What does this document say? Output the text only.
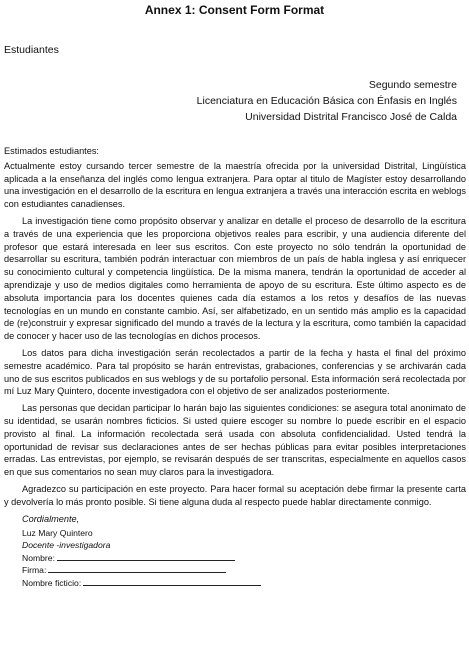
Annex 1: Consent Form Format
Estudiantes
Segundo semestre
Licenciatura en Educación Básica con Énfasis en Inglés
Universidad Distrital Francisco José de Calda

Estimados estudiantes:

Actualmente estoy cursando tercer semestre de la maestría ofrecida por la universidad Distrital, Lingüística aplicada a la enseñanza del inglés como lengua extranjera. Para optar al titulo de Magíster estoy desarrollando una investigación en el desarrollo de la escritura en lengua extranjera a través una interacción escrita en weblogs con estudiantes canadienses.

La investigación tiene como propósito observar y analizar en detalle el proceso de desarrollo de la escritura a través de una experiencia que les proporciona objetivos reales para escribir, y una audiencia diferente del profesor que estará interesada en leer sus escritos. Con este proyecto no sólo tendrán la oportunidad de desarrollar su escritura, también podrán interactuar con miembros de un país de habla inglesa y así enriquecer su conocimiento cultural y competencia lingüística. De la misma manera, tendrán la oportunidad de acceder al aprendizaje y uso de medios digitales como herramienta de apoyo de su escritura. Este último aspecto es de absoluta importancia para los docentes quienes cada día estamos a los retos y desafíos de las nuevas tecnologías en un mundo en constante cambio. Así, ser alfabetizado, en un sentido más amplio es la capacidad de (re)construir y expresar significado del mundo a través de la lectura y la escritura, como también la capacidad de conocer y hacer uso de las tecnologías en dichos procesos.

Los datos para dicha investigación serán recolectados a partir de la fecha y hasta el final del próximo semestre académico. Para tal propósito se harán entrevistas, grabaciones, conferencias y se archivarán cada uno de sus escritos publicados en sus weblogs y de su portafolio personal. Esta información será recolectada por mí Luz Mary Quintero, docente investigadora con el objetivo de ser analizados posteriormente.

Las personas que decidan participar lo harán bajo las siguientes condiciones: se asegura total anonimato de su identidad, se usarán nombres ficticios. Si usted quiere escoger su nombre lo puede escribir en el espacio provisto al final. La información recolectada será usada con absoluta confidencialidad. Usted tendrá la oportunidad de revisar sus declaraciones antes de ser hechas públicas para evitar posibles interpretaciones erradas. Las entrevistas, por ejemplo, se revisarán después de ser transcritas, especialmente en aquellos casos en que sus comentarios no sean muy claros para la investigadora.

Agradezco su participación en este proyecto. Para hacer formal su aceptación debe firmar la presente carta y devolvería lo más pronto posible. Si tiene alguna duda al respecto puede hablar directamente conmigo.

Cordialmente,
Luz Mary Quintero
Docente -investigadora
Nombre:
Firma:
Nombre ficticio:
